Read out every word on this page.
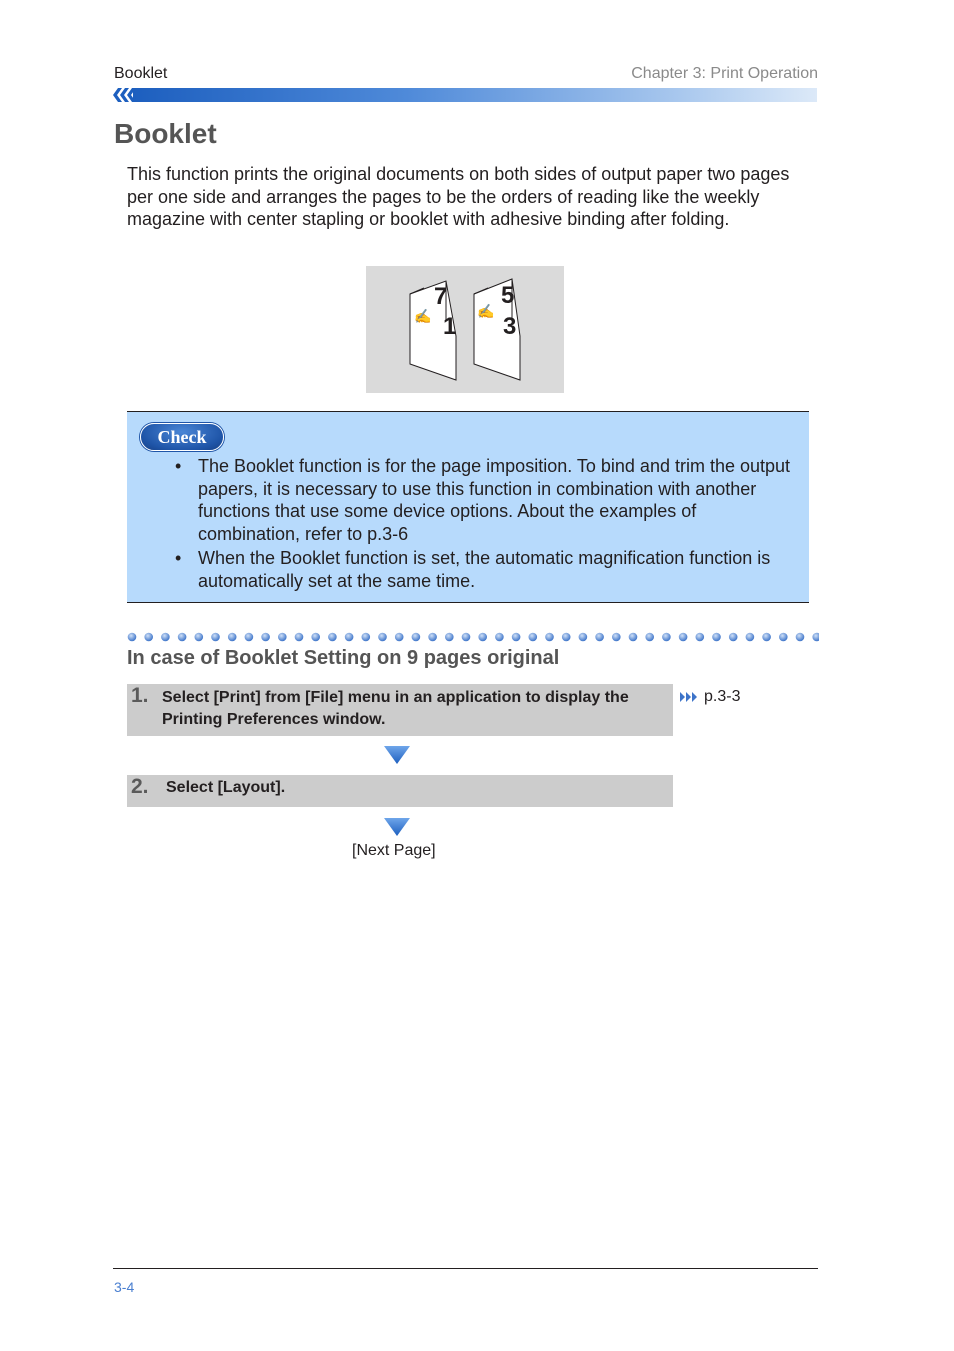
Booklet	Chapter 3: Print Operation
Booklet

This function prints the original documents on both sides of output paper two pages per one side and arranges the pages to be the orders of reading like the weekly magazine with center stapling or booklet with adhesive binding after folding.

7
1
✍
5
3
✍
Check
• The Booklet function is for the page imposition. To bind and trim the output papers, it is necessary to use this function in combination with another functions that use some device options. About the examples of combination, refer to p.3-6
• When the Booklet function is set, the automatic magnification function is automatically set at the same time.
In case of Booklet Setting on 9 pages original
1. Select [Print] from [File] menu in an application to display the Printing Preferences window.
p.3-3
2. Select [Layout].
[Next Page]
3-4
